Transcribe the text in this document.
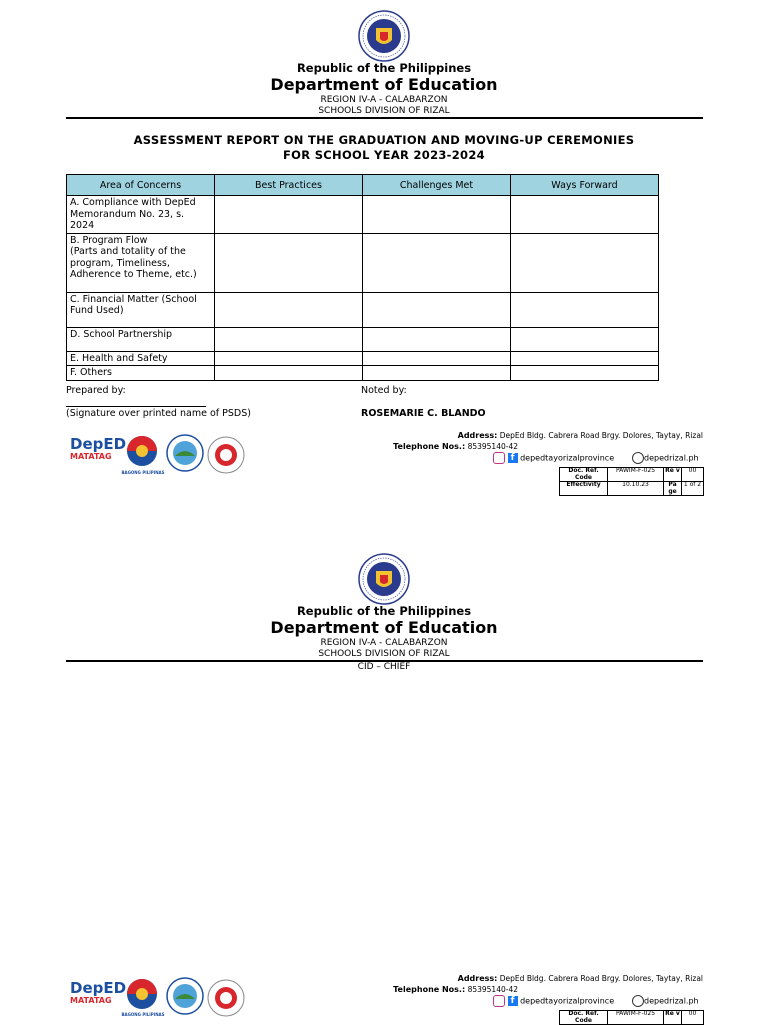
Republic of the Philippines
Department of Education
REGION IV-A - CALABARZON
SCHOOLS DIVISION OF RIZAL
ASSESSMENT REPORT ON THE GRADUATION AND MOVING-UP CEREMONIES
FOR SCHOOL YEAR 2023-2024
Area of Concerns	Best Practices	Challenges Met	Ways Forward
A. Compliance with DepEd
Memorandum No. 23, s.
2024			
B. Program Flow
(Parts and totality of the
program, Timeliness,
Adherence to Theme, etc.)			
C. Financial Matter (School
Fund Used)			
D. School Partnership			
E. Health and Safety			
F. Others			
Prepared by:
(Signature over printed name of PSDS)
Noted by:
ROSEMARIE C. BLANDO
DepED
MATATAG
BAGONG PILIPINAS
Address: DepEd Bldg. Cabrera Road Brgy. Dolores, Taytay, Rizal
Telephone Nos.: 85395140-42
f depedtayorizalprovince	depedrizal.ph
Doc. Ref. Code	PAWIM-F-025	Re v	00
Effectivity	10.10.23	Pa ge	1 of 2
Republic of the Philippines
Department of Education
REGION IV-A - CALABARZON
SCHOOLS DIVISION OF RIZAL
CID – CHIEF
DepED
MATATAG
BAGONG PILIPINAS
Address: DepEd Bldg. Cabrera Road Brgy. Dolores, Taytay, Rizal
Telephone Nos.: 85395140-42
f depedtayorizalprovince	depedrizal.ph
Doc. Ref. Code	PAWIM-F-025	Re v	00
